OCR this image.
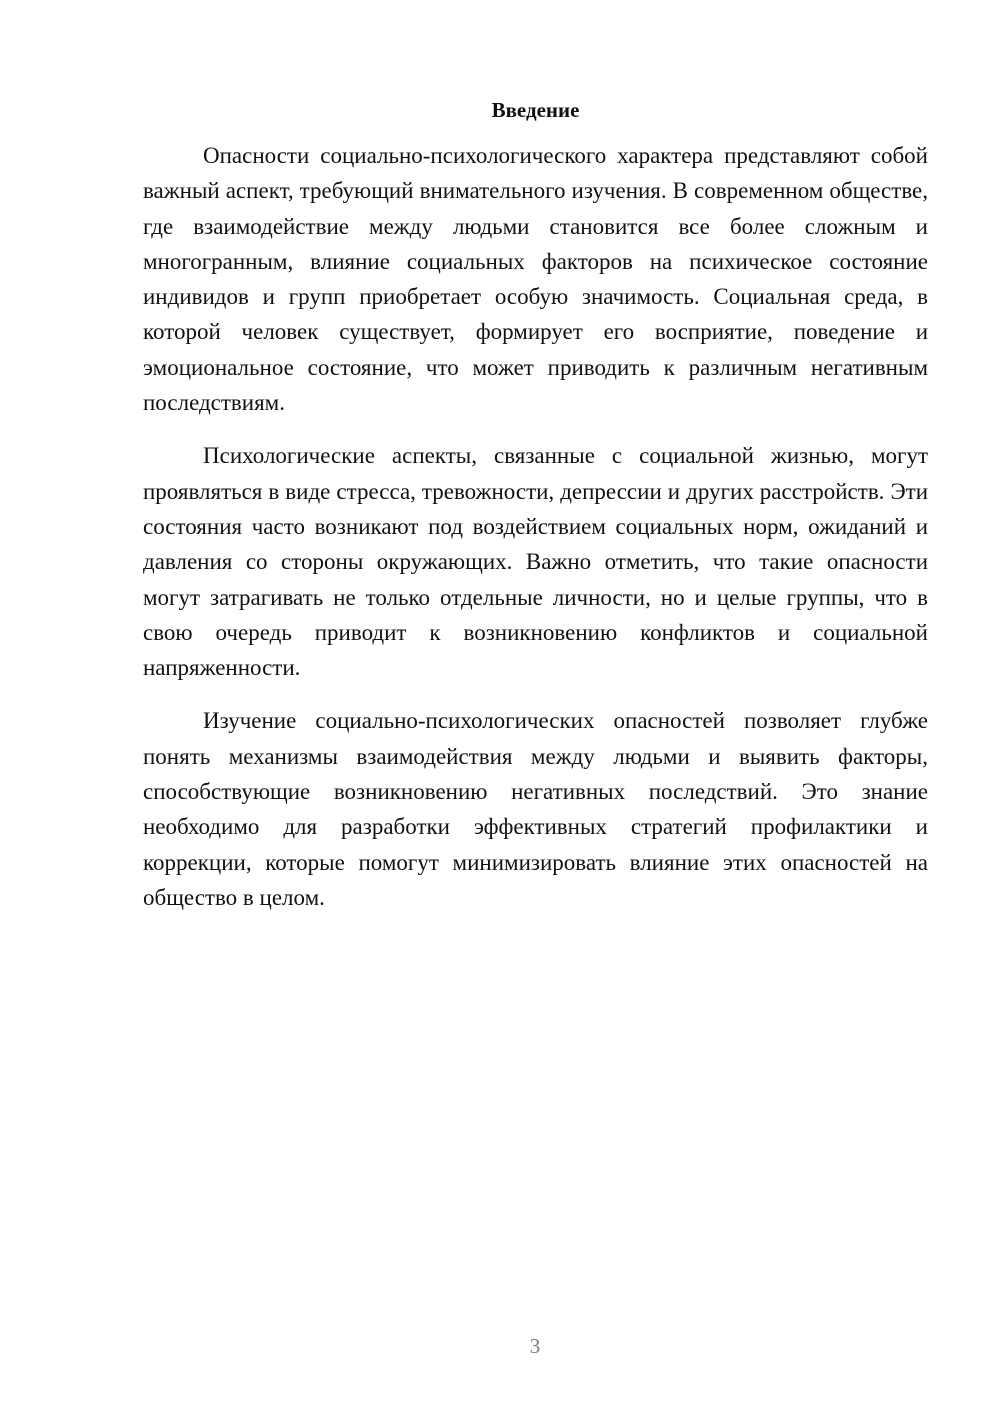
Введение

Опасности социально-психологического характера представляют собой важный аспект, требующий внимательного изучения. В современном обществе, где взаимодействие между людьми становится все более сложным и многогранным, влияние социальных факторов на психическое состояние индивидов и групп приобретает особую значимость. Социальная среда, в которой человек существует, формирует его восприятие, поведение и эмоциональное состояние, что может приводить к различным негативным последствиям.

Психологические аспекты, связанные с социальной жизнью, могут проявляться в виде стресса, тревожности, депрессии и других расстройств. Эти состояния часто возникают под воздействием социальных норм, ожиданий и давления со стороны окружающих. Важно отметить, что такие опасности могут затрагивать не только отдельные личности, но и целые группы, что в свою очередь приводит к возникновению конфликтов и социальной напряженности.

Изучение социально-психологических опасностей позволяет глубже понять механизмы взаимодействия между людьми и выявить факторы, способствующие возникновению негативных последствий. Это знание необходимо для разработки эффективных стратегий профилактики и коррекции, которые помогут минимизировать влияние этих опасностей на общество в целом.

3
